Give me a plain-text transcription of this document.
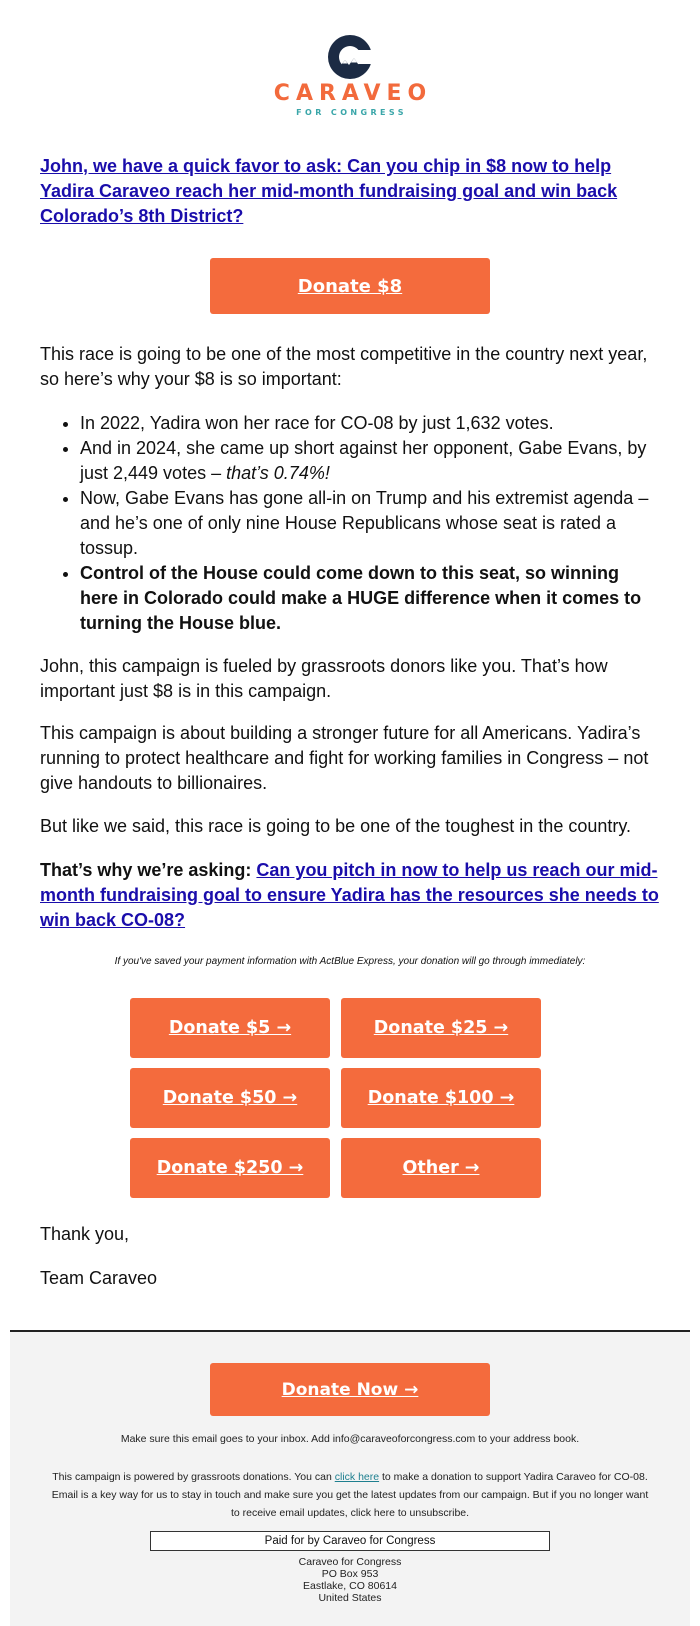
CARAVEO
FOR CONGRESS
John, we have a quick favor to ask: Can you chip in $8 now to help Yadira Caraveo reach her mid-month fundraising goal and win back Colorado’s 8th District?
Donate $8

This race is going to be one of the most competitive in the country next year, so here’s why your $8 is so important:

• In 2022, Yadira won her race for CO-08 by just 1,632 votes.
• And in 2024, she came up short against her opponent, Gabe Evans, by just 2,449 votes – that’s 0.74%!
• Now, Gabe Evans has gone all-in on Trump and his extremist agenda – and he’s one of only nine House Republicans whose seat is rated a tossup.
• Control of the House could come down to this seat, so winning here in Colorado could make a HUGE difference when it comes to turning the House blue.

John, this campaign is fueled by grassroots donors like you. That’s how important just $8 is in this campaign.

This campaign is about building a stronger future for all Americans. Yadira’s running to protect healthcare and fight for working families in Congress – not give handouts to billionaires.

But like we said, this race is going to be one of the toughest in the country.

That’s why we’re asking: Can you pitch in now to help us reach our mid-month fundraising goal to ensure Yadira has the resources she needs to win back CO-08?

If you've saved your payment information with ActBlue Express, your donation will go through immediately:
Donate $5 →	Donate $25 →
Donate $50 →	Donate $100 →
Donate $250 →	Other →

Thank you,

Team Caraveo

Donate Now →
Make sure this email goes to your inbox. Add info@caraveoforcongress.com to your address book.
This campaign is powered by grassroots donations. You can click here to make a donation to support Yadira Caraveo for CO-08. Email is a key way for us to stay in touch and make sure you get the latest updates from our campaign. But if you no longer want to receive email updates, click here to unsubscribe.
Paid for by Caraveo for Congress
Caraveo for Congress
PO Box 953
Eastlake, CO 80614
United States
